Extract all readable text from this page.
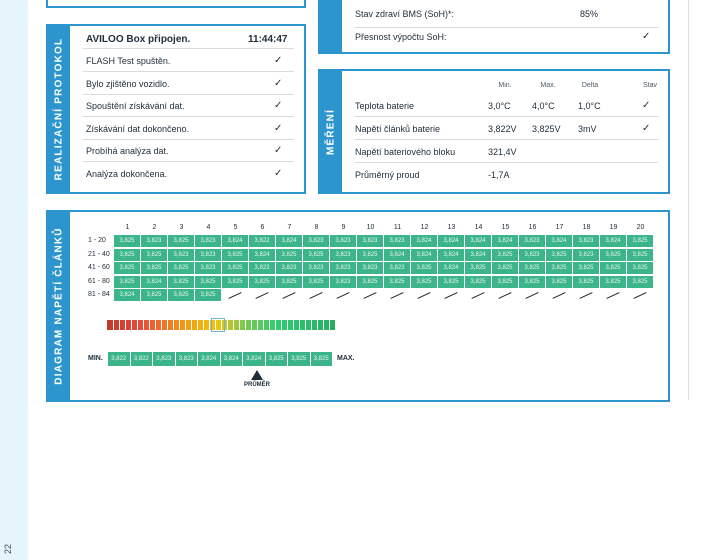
22
Stav zdraví BMS (SoH)*:	85%
Přesnost výpočtu SoH:	✓
REALIZAČNÍ PROTOKOL AVILOO Box připojen.	11:44:47
FLASH Test spuštěn.	✓
Bylo zjištěno vozidlo.	✓
Spouštění získávání dat.	✓
Získávání dat dokončeno.	✓
Probíhá analýza dat.	✓
Analýza dokončena.	✓
MĚŘENÍ
Min.	Max.	Delta	Stav
Teplota baterie	3,0°C 4,0°C	1,0°C	✓
Napětí článků baterie	3,822V 3,825V 3mV	✓
Napětí bateriového bloku	321,4V
Průměrný proud	-1,7A
DIAGRAM NAPĚTÍ ČLÁNKŮ	1	2	3	4	5	6	7	8	9	10	11	12	13	14	15	16	17	18	19	20
1 - 20	3,825	3,823	3,825	3,823	3,824	3,822	3,824	3,823	3,823	3,823	3,823	3,824	3,824	3,824	3,824	3,823	3,824	3,823	3,824	3,825
21 - 40	3,825	3,825	3,823	3,823	3,825	3,824	3,825	3,825	3,823	3,825	3,824	3,824	3,824	3,824	3,825	3,823	3,825	3,823	3,825	3,825
41 - 60	3,825	3,825	3,825	3,823	3,825	3,823	3,823	3,823	3,823	3,823	3,823	3,825	3,824	3,825	3,825	3,825	3,825	3,825	3,825	3,825
61 - 80	3,825	3,824	3,825	3,825	3,825	3,825	3,825	3,825	3,823	3,825	3,825	3,825	3,825	3,825	3,825	3,825	3,825	3,825	3,825	3,825
81 - 84	3,824	3,825	3,825	3,825
MIN.	MAX.
3,822	3,822	3,823	3,823	3,824	3,824	3,824	3,825	3,825	3,825
PRŮMĚR
